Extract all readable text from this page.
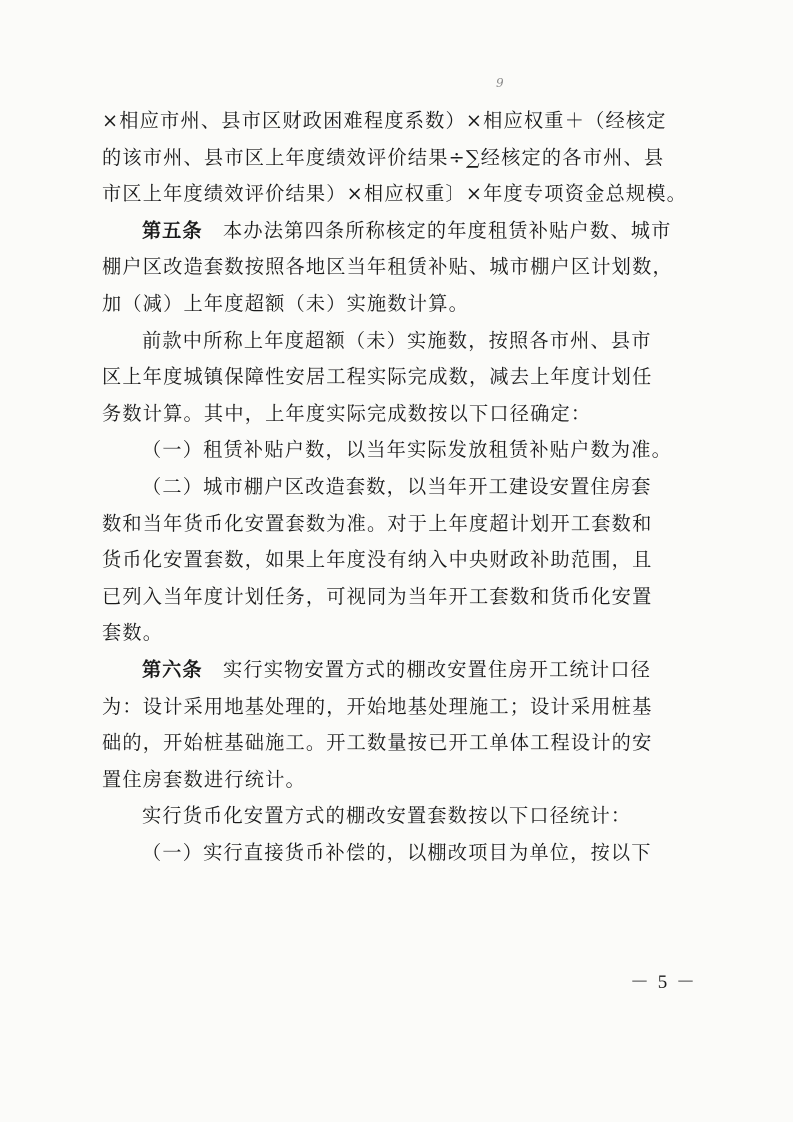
9

×相应市州、县市区财政困难程度系数）×相应权重＋（经核定

的该市州、县市区上年度绩效评价结果÷∑经核定的各市州、县

市区上年度绩效评价结果）×相应权重〕×年度专项资金总规模。

第五条　 本办法第四条所称核定的年度租赁补贴户数、城市

棚户区改造套数按照各地区当年租赁补贴、城市棚户区计划数，

加（减）上年度超额（未）实施数计算。

前款中所称上年度超额（未）实施数，按照各市州、县市

区上年度城镇保障性安居工程实际完成数，减去上年度计划任

务数计算。其中，上年度实际完成数按以下口径确定：

（一）租赁补贴户数，以当年实际发放租赁补贴户数为准。

（二）城市棚户区改造套数，以当年开工建设安置住房套

数和当年货币化安置套数为准。对于上年度超计划开工套数和

货币化安置套数，如果上年度没有纳入中央财政补助范围，且

已列入当年度计划任务，可视同为当年开工套数和货币化安置

套数。

第六条　 实行实物安置方式的棚改安置住房开工统计口径

为：设计采用地基处理的，开始地基处理施工；设计采用桩基

础的，开始桩基础施工。开工数量按已开工单体工程设计的安

置住房套数进行统计。

实行货币化安置方式的棚改安置套数按以下口径统计：

（一）实行直接货币补偿的，以棚改项目为单位，按以下

－ 5 －
